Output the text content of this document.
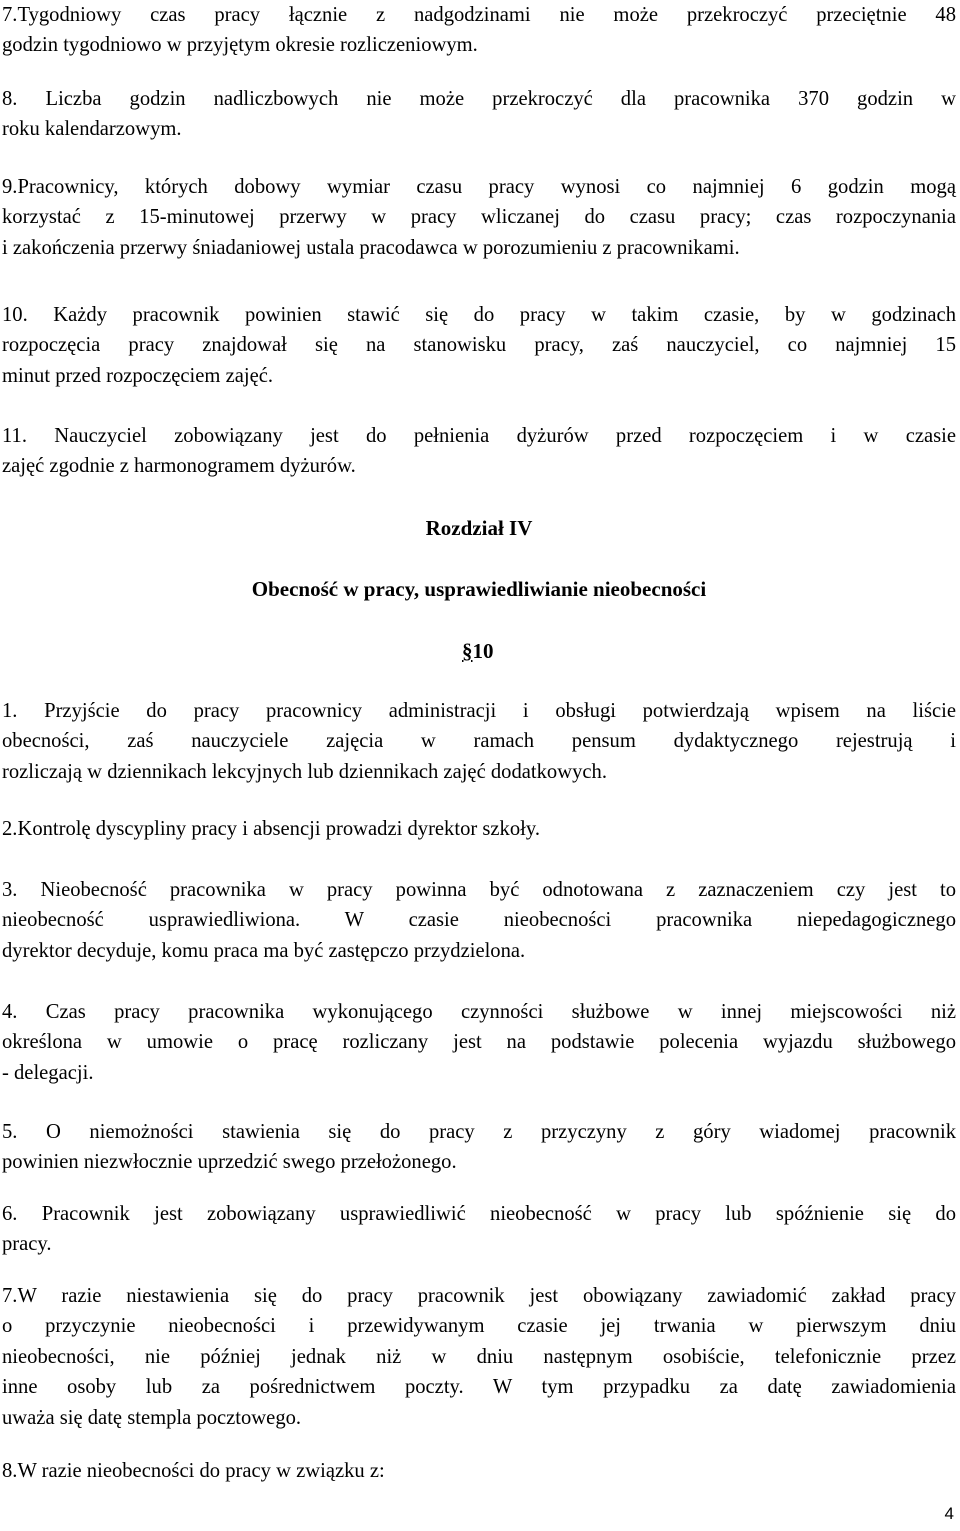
7.Tygodniowy czas pracy łącznie z nadgodzinami nie może przekroczyć przeciętnie 48
godzin tygodniowo w przyjętym okresie rozliczeniowym.

8. Liczba godzin nadliczbowych nie może przekroczyć dla pracownika 370 godzin w
roku kalendarzowym.

9.Pracownicy, których dobowy wymiar czasu pracy wynosi co najmniej 6 godzin mogą
korzystać z 15-minutowej przerwy w pracy wliczanej do czasu pracy; czas rozpoczynania
i zakończenia przerwy śniadaniowej ustala pracodawca w porozumieniu z pracownikami.

10. Każdy pracownik powinien stawić się do pracy w takim czasie, by w godzinach
rozpoczęcia pracy znajdował się na stanowisku pracy, zaś nauczyciel, co najmniej 15
minut przed rozpoczęciem zajęć.

11. Nauczyciel zobowiązany jest do pełnienia dyżurów przed rozpoczęciem i w czasie
zajęć zgodnie z harmonogramem dyżurów.

Rozdział IV
Obecność w pracy, usprawiedliwianie nieobecności
§10

1. Przyjście do pracy pracownicy administracji i obsługi potwierdzają wpisem na liście
obecności, zaś nauczyciele zajęcia w ramach pensum dydaktycznego rejestrują i
rozliczają w dziennikach lekcyjnych lub dziennikach zajęć dodatkowych.

2.Kontrolę dyscypliny pracy i absencji prowadzi dyrektor szkoły.

3. Nieobecność pracownika w pracy powinna być odnotowana z zaznaczeniem czy jest to
nieobecność usprawiedliwiona. W czasie nieobecności pracownika niepedagogicznego
dyrektor decyduje, komu praca ma być zastępczo przydzielona.

4. Czas pracy pracownika wykonującego czynności służbowe w innej miejscowości niż
określona w umowie o pracę rozliczany jest na podstawie polecenia wyjazdu służbowego
- delegacji.

5. O niemożności stawienia się do pracy z przyczyny z góry wiadomej pracownik
powinien niezwłocznie uprzedzić swego przełożonego.

6. Pracownik jest zobowiązany usprawiedliwić nieobecność w pracy lub spóźnienie się do
pracy.

7.W razie niestawienia się do pracy pracownik jest obowiązany zawiadomić zakład pracy
o przyczynie nieobecności i przewidywanym czasie jej trwania w pierwszym dniu
nieobecności, nie później jednak niż w dniu następnym osobiście, telefonicznie przez
inne osoby lub za pośrednictwem poczty. W tym przypadku za datę zawiadomienia
uważa się datę stempla pocztowego.

8.W razie nieobecności do pracy w związku z:

4
